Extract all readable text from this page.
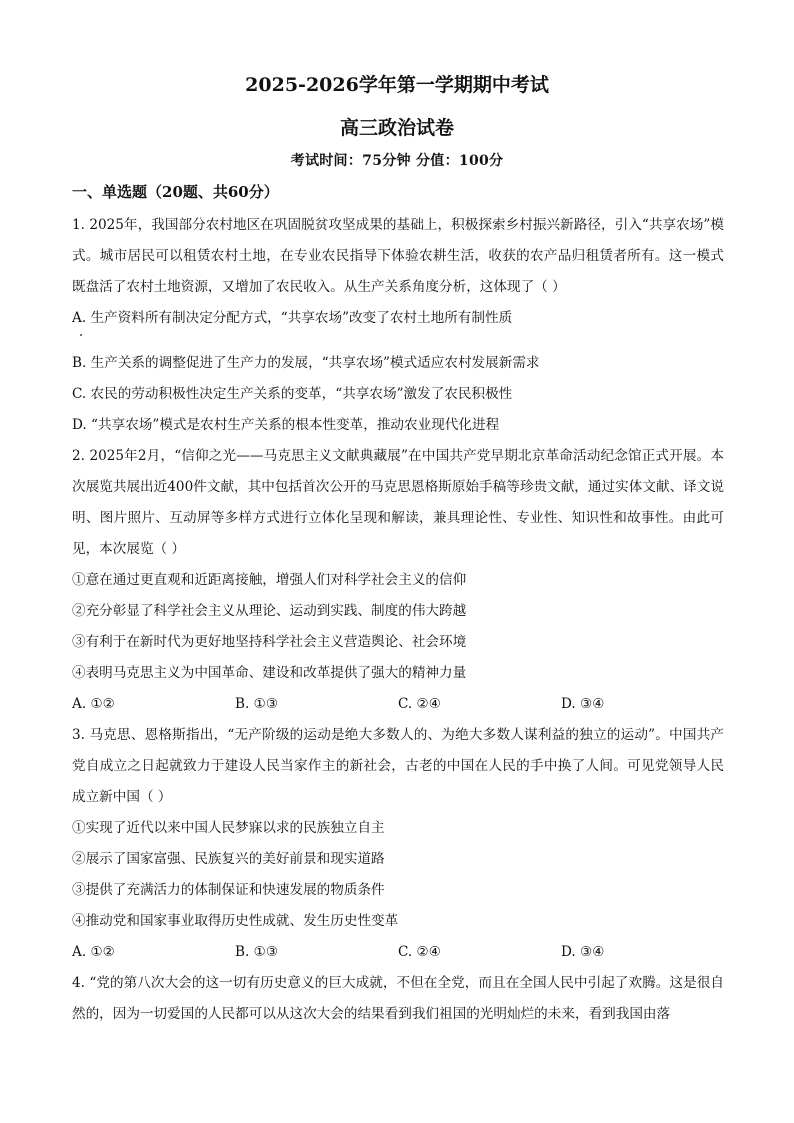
2025-2026学年第一学期期中考试
高三政治试卷
考试时间：75分钟 分值：100分
一、单选题（20题、共60分）

1. 2025年，我国部分农村地区在巩固脱贫攻坚成果的基础上，积极探索乡村振兴新路径，引入“共享农场”模式。城市居民可以租赁农村土地，在专业农民指导下体验农耕生活，收获的农产品归租赁者所有。这一模式既盘活了农村土地资源，又增加了农民收入。从生产关系角度分析，这体现了（ ）

A. 生产资料所有制决定分配方式，“共享农场”改变了农村土地所有制性质

B. 生产关系的调整促进了生产力的发展，“共享农场”模式适应农村发展新需求

C. 农民的劳动积极性决定生产关系的变革，“共享农场”激发了农民积极性

D. “共享农场”模式是农村生产关系的根本性变革，推动农业现代化进程

2. 2025年2月，“信仰之光——马克思主义文献典藏展”在中国共产党早期北京革命活动纪念馆正式开展。本次展览共展出近400件文献，其中包括首次公开的马克思恩格斯原始手稿等珍贵文献，通过实体文献、译文说明、图片照片、互动屏等多样方式进行立体化呈现和解读，兼具理论性、专业性、知识性和故事性。由此可见，本次展览（ ）

①意在通过更直观和近距离接触，增强人们对科学社会主义的信仰

②充分彰显了科学社会主义从理论、运动到实践、制度的伟大跨越

③有利于在新时代为更好地坚持科学社会主义营造舆论、社会环境

④表明马克思主义为中国革命、建设和改革提供了强大的精神力量

A. ①②	B. ①③	C. ②④	D. ③④

3. 马克思、恩格斯指出，“无产阶级的运动是绝大多数人的、为绝大多数人谋利益的独立的运动”。中国共产党自成立之日起就致力于建设人民当家作主的新社会，古老的中国在人民的手中换了人间。可见党领导人民成立新中国（ ）

①实现了近代以来中国人民梦寐以求的民族独立自主

②展示了国家富强、民族复兴的美好前景和现实道路

③提供了充满活力的体制保证和快速发展的物质条件

④推动党和国家事业取得历史性成就、发生历史性变革

A. ①②	B. ①③	C. ②④	D. ③④

4. “党的第八次大会的这一切有历史意义的巨大成就，不但在全党，而且在全国人民中引起了欢腾。这是很自然的，因为一切爱国的人民都可以从这次大会的结果看到我们祖国的光明灿烂的未来，看到我国由落
